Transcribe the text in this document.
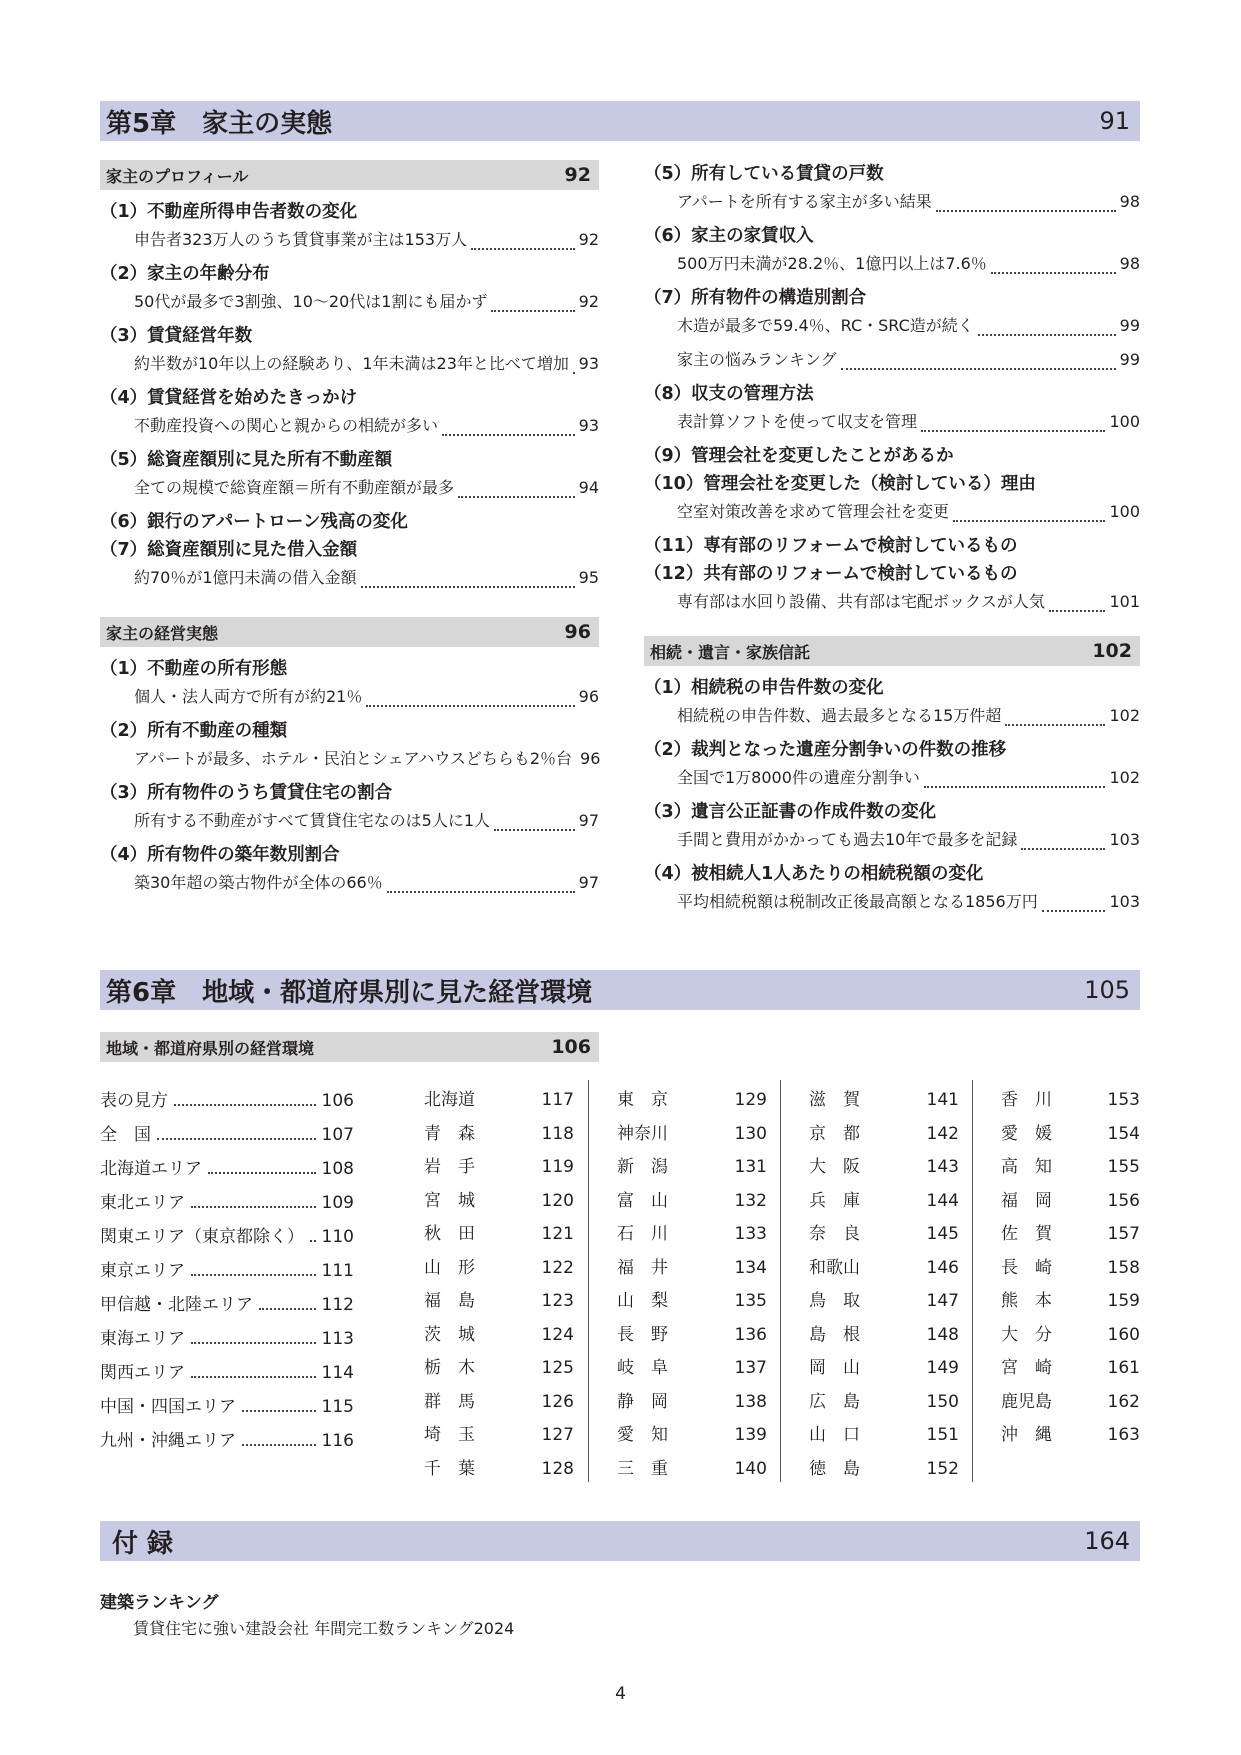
第5章　家主の実態	91
家主のプロフィール	92
（1）不動産所得申告者数の変化
申告者323万人のうち賃貸事業が主は153万人	92
（2）家主の年齢分布
50代が最多で3割強、10～20代は1割にも届かず	92
（3）賃貸経営年数
約半数が10年以上の経験あり、1年未満は23年と比べて増加 93
（4）賃貸経営を始めたきっかけ
不動産投資への関心と親からの相続が多い	93
（5）総資産額別に見た所有不動産額
全ての規模で総資産額＝所有不動産額が最多	94
（6）銀行のアパートローン残高の変化
（7）総資産額別に見た借入金額
約70％が1億円未満の借入金額	95
家主の経営実態	96
（1）不動産の所有形態
個人・法人両方で所有が約21％	96
（2）所有不動産の種類
アパートが最多、ホテル・民泊とシェアハウスどちらも2％台 96
（3）所有物件のうち賃貸住宅の割合
所有する不動産がすべて賃貸住宅なのは5人に1人	97
（4）所有物件の築年数別割合
築30年超の築古物件が全体の66％	97
（5）所有している賃貸の戸数
アパートを所有する家主が多い結果	98
（6）家主の家賃収入
500万円未満が28.2％、1億円以上は7.6％	98
（7）所有物件の構造別割合
木造が最多で59.4％、RC・SRC造が続く	99
家主の悩みランキング	99
（8）収支の管理方法
表計算ソフトを使って収支を管理	100
（9）管理会社を変更したことがあるか
（10）管理会社を変更した（検討している）理由
空室対策改善を求めて管理会社を変更	100
（11）専有部のリフォームで検討しているもの
（12）共有部のリフォームで検討しているもの
専有部は水回り設備、共有部は宅配ボックスが人気	101
相続・遺言・家族信託	102
（1）相続税の申告件数の変化
相続税の申告件数、過去最多となる15万件超	102
（2）裁判となった遺産分割争いの件数の推移
全国で1万8000件の遺産分割争い	102
（3）遺言公正証書の作成件数の変化
手間と費用がかかっても過去10年で最多を記録	103
（4）被相続人1人あたりの相続税額の変化
平均相続税額は税制改正後最高額となる1856万円	103
第6章　地域・都道府県別に見た経営環境	105
地域・都道府県別の経営環境	106
表の見方	106
全　国	107
北海道エリア	108
東北エリア	109
関東エリア（東京都除く） 110
東京エリア	111
甲信越・北陸エリア	112
東海エリア	113
関西エリア	114
中国・四国エリア	115
九州・沖縄エリア	116
北海道	117
青　森	118
岩　手	119
宮　城	120
秋　田	121
山　形	122
福　島	123
茨　城	124
栃　木	125
群　馬	126
埼　玉	127
千　葉	128
東　京	129
神奈川	130
新　潟	131
富　山	132
石　川	133
福　井	134
山　梨	135
長　野	136
岐　阜	137
静　岡	138
愛　知	139
三　重	140
滋　賀	141
京　都	142
大　阪	143
兵　庫	144
奈　良	145
和歌山	146
鳥　取	147
島　根	148
岡　山	149
広　島	150
山　口	151
徳　島	152
香　川	153
愛　媛	154
高　知	155
福　岡	156
佐　賀	157
長　崎	158
熊　本	159
大　分	160
宮　崎	161
鹿児島	162
沖　縄	163
付 録	164
建築ランキング
賃貸住宅に強い建設会社 年間完工数ランキング2024
4
